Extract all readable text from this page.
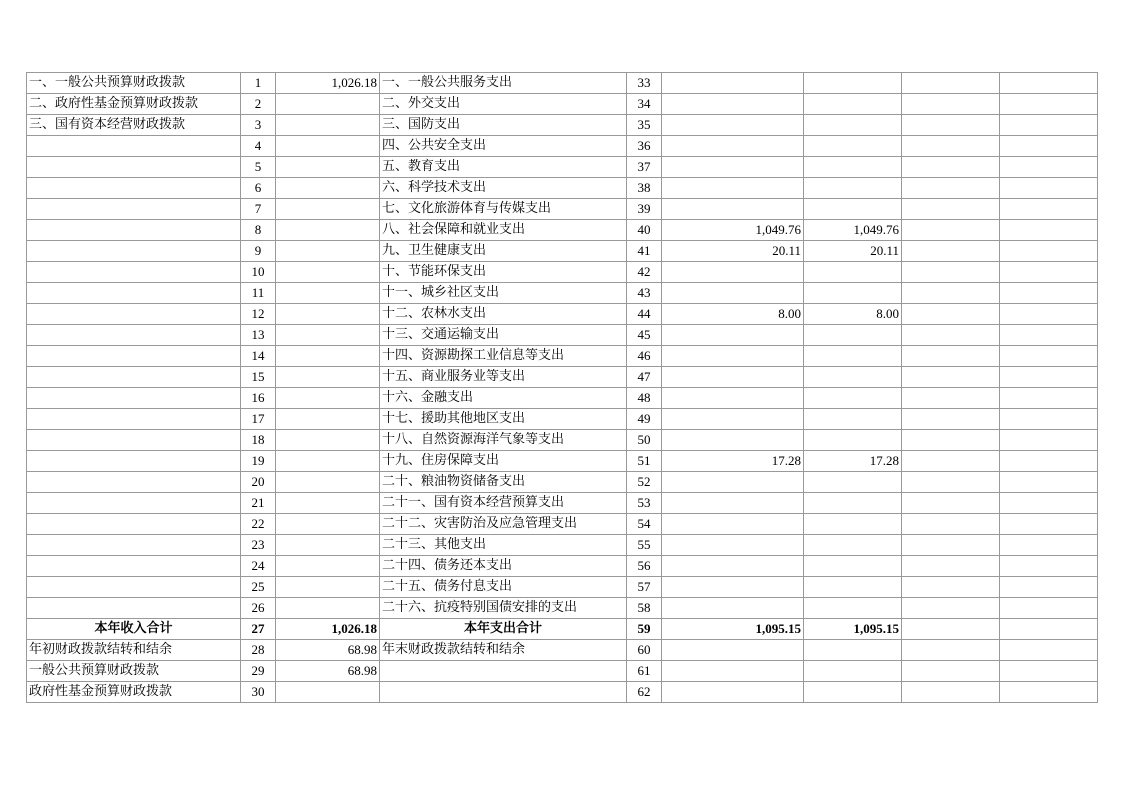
一、一般公共预算财政拨款	1	1,026.18	一、一般公共服务支出	33				
二、政府性基金预算财政拨款	2		二、外交支出	34				
三、国有资本经营财政拨款	3		三、国防支出	35				
	4		四、公共安全支出	36				
	5		五、教育支出	37				
	6		六、科学技术支出	38				
	7		七、文化旅游体育与传媒支出	39				
	8		八、社会保障和就业支出	40	1,049.76	1,049.76		
	9		九、卫生健康支出	41	20.11	20.11		
	10		十、节能环保支出	42				
	11		十一、城乡社区支出	43				
	12		十二、农林水支出	44	8.00	8.00		
	13		十三、交通运输支出	45				
	14		十四、资源勘探工业信息等支出	46				
	15		十五、商业服务业等支出	47				
	16		十六、金融支出	48				
	17		十七、援助其他地区支出	49				
	18		十八、自然资源海洋气象等支出	50				
	19		十九、住房保障支出	51	17.28	17.28		
	20		二十、粮油物资储备支出	52				
	21		二十一、国有资本经营预算支出	53				
	22		二十二、灾害防治及应急管理支出	54				
	23		二十三、其他支出	55				
	24		二十四、债务还本支出	56				
	25		二十五、债务付息支出	57				
	26		二十六、抗疫特别国债安排的支出	58				
本年收入合计	27	1,026.18	本年支出合计	59	1,095.15	1,095.15		
年初财政拨款结转和结余	28	68.98	年末财政拨款结转和结余	60				
一般公共预算财政拨款	29	68.98		61				
政府性基金预算财政拨款	30			62				
